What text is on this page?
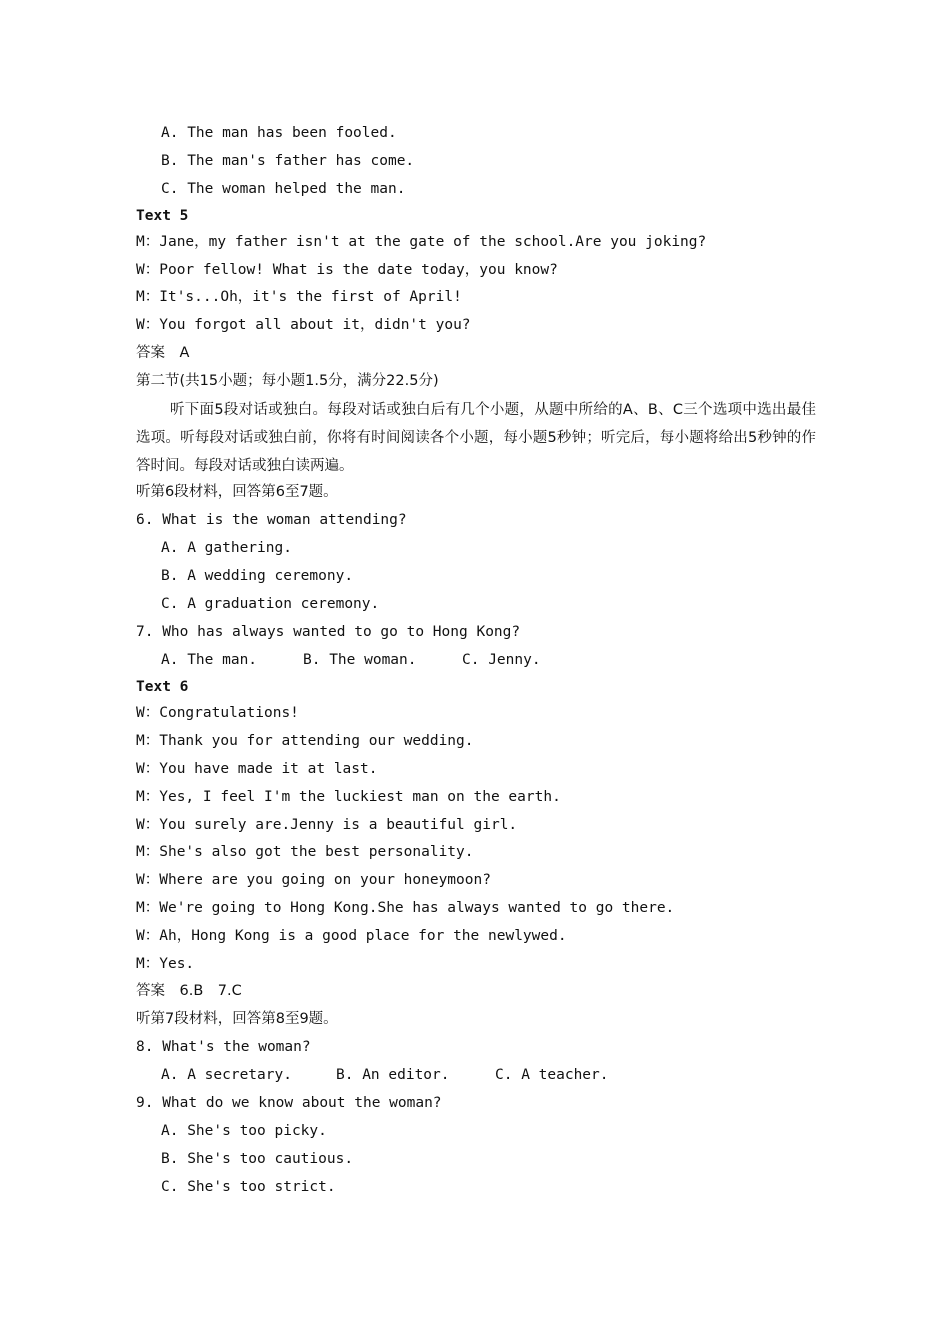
A. The man has been fooled.
B. The man's father has come.
C. The woman helped the man.
Text 5
M：Jane，my father isn't at the gate of the school.Are you joking?
W：Poor fellow! What is the date today，you know?
M：It's...Oh，it's the first of April!
W：You forgot all about it，didn't you?
答案　A
第二节(共15小题；每小题1.5分，满分22.5分)
听下面5段对话或独白。每段对话或独白后有几个小题，从题中所给的A、B、C三个选项中选出最佳选项。听每段对话或独白前，你将有时间阅读各个小题，每小题5秒钟；听完后，每小题将给出5秒钟的作答时间。每段对话或独白读两遍。
听第6段材料，回答第6至7题。
6. What is the woman attending?
A. A gathering.
B. A wedding ceremony.
C. A graduation ceremony.
7. Who has always wanted to go to Hong Kong?
A. The man.	B. The woman.	C. Jenny.
Text 6
W：Congratulations!
M：Thank you for attending our wedding.
W：You have made it at last.
M：Yes, I feel I'm the luckiest man on the earth.
W：You surely are.Jenny is a beautiful girl.
M：She's also got the best personality.
W：Where are you going on your honeymoon?
M：We're going to Hong Kong.She has always wanted to go there.
W：Ah，Hong Kong is a good place for the newlywed.
M：Yes.
答案　6.B　7.C
听第7段材料，回答第8至9题。
8. What's the woman?
A. A secretary.	B. An editor.	C. A teacher.
9. What do we know about the woman?
A. She's too picky.
B. She's too cautious.
C. She's too strict.
